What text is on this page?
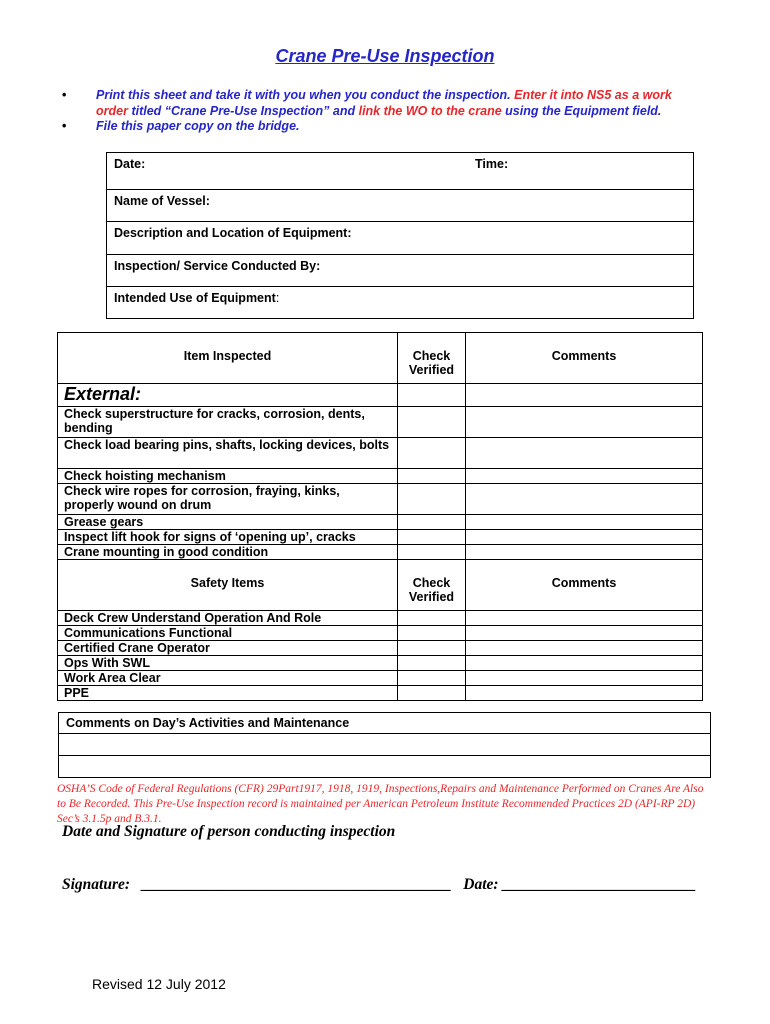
Crane Pre-Use Inspection
• Print this sheet and take it with you when you conduct the inspection. Enter it into NS5 as a work order titled “Crane Pre-Use Inspection” and link the WO to the crane using the Equipment field.
• File this paper copy on the bridge.
Date:	Time:
Name of Vessel:
Description and Location of Equipment:
Inspection/ Service Conducted By:
Intended Use of Equipment:
Item Inspected	Check Verified	Comments
External:		
Check superstructure for cracks, corrosion, dents, bending		
Check load bearing pins, shafts, locking devices, bolts		
Check hoisting mechanism		
Check wire ropes for corrosion, fraying, kinks, properly wound on drum		
Grease gears		
Inspect lift hook for signs of ‘opening up’, cracks		
Crane mounting in good condition		
Safety Items	Check Verified	Comments
Deck Crew Understand Operation And Role		
Communications Functional		
Certified Crane Operator		
Ops With SWL		
Work Area Clear		
PPE		
Comments on Day’s Activities and Maintenance

OSHA’S Code of Federal Regulations (CFR) 29Part1917, 1918, 1919, Inspections,Repairs and Maintenance Performed on Cranes Are Also to Be Recorded. This Pre-Use Inspection record is maintained per American Petroleum Institute Recommended Practices 2D (API-RP 2D) Sec’s 3.1.5p and B.3.1.
Date and Signature of person conducting inspection
Signature:   ________________________________________   Date: _________________________
Revised 12 July 2012
